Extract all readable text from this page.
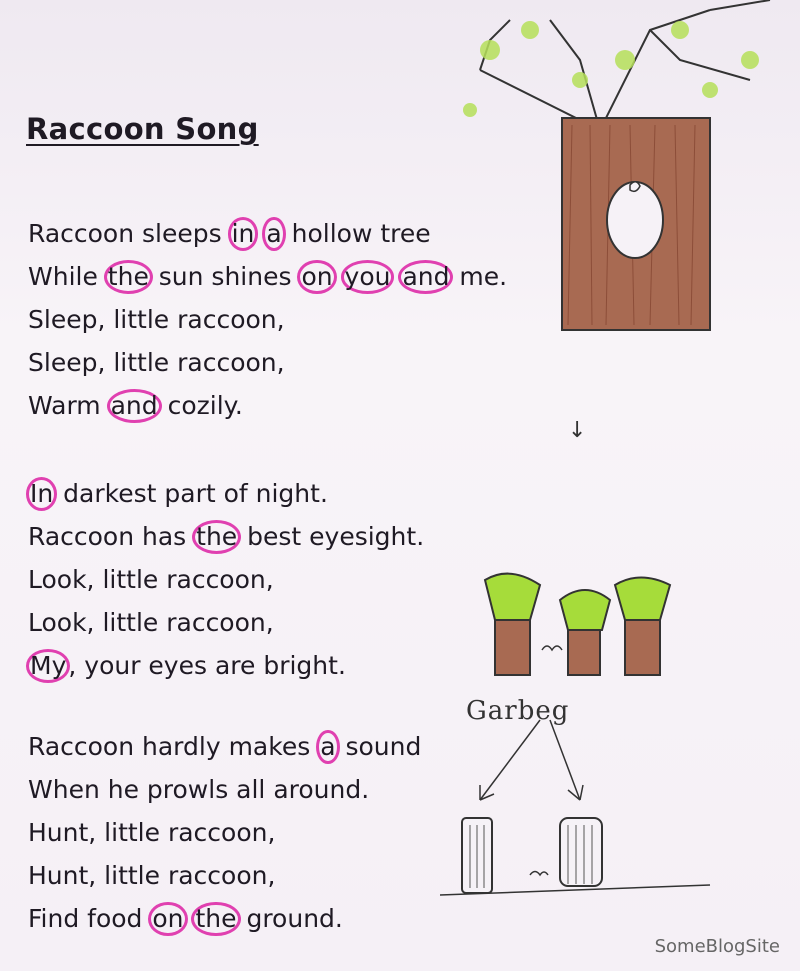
Raccoon Song
Raccoon sleeps in a hollow tree
While the sun shines on you and me.
Sleep, little raccoon,
Sleep, little raccoon,
Warm and cozily.
In darkest part of night.
Raccoon has the best eyesight.
Look, little raccoon,
Look, little raccoon,
My, your eyes are bright.
Raccoon hardly makes a sound
When he prowls all around.
Hunt, little raccoon,
Hunt, little raccoon,
Find food on the ground.
↓
Garbeg
SomeBlogSite
